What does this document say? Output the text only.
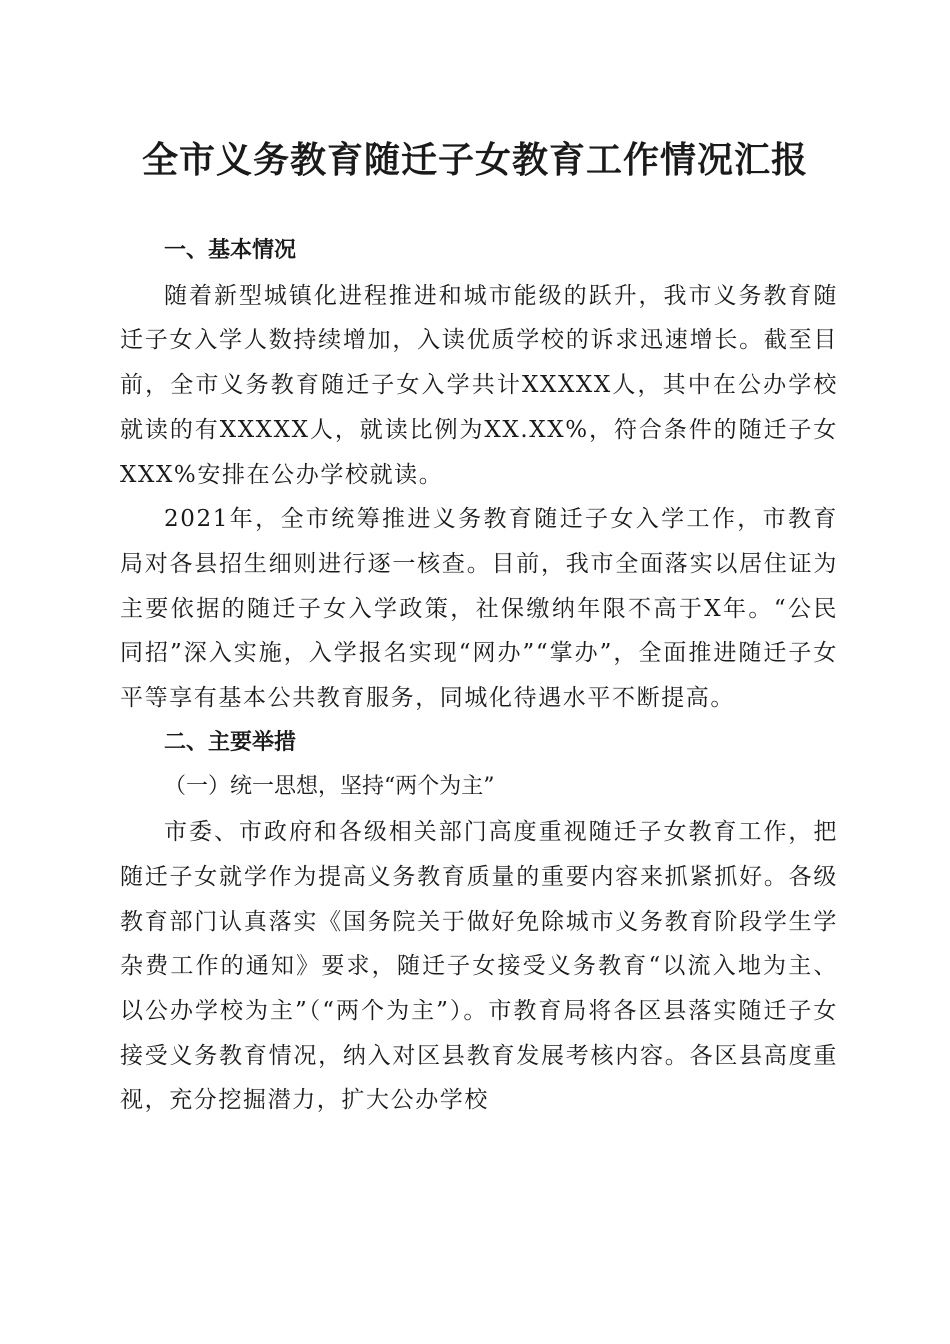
全市义务教育随迁子女教育工作情况汇报

一、基本情况

随着新型城镇化进程推进和城市能级的跃升，我市义务教育随迁子女入学人数持续增加，入读优质学校的诉求迅速增长。截至目前，全市义务教育随迁子女入学共计XXXXX人，其中在公办学校就读的有XXXXX人，就读比例为XX.XX%，符合条件的随迁子女XXX%安排在公办学校就读。

2021年，全市统筹推进义务教育随迁子女入学工作，市教育局对各县招生细则进行逐一核查。目前，我市全面落实以居住证为主要依据的随迁子女入学政策，社保缴纳年限不高于X年。“公民同招”深入实施，入学报名实现“网办”“掌办”，全面推进随迁子女平等享有基本公共教育服务，同城化待遇水平不断提高。

二、主要举措

（一）统一思想，坚持“两个为主”

市委、市政府和各级相关部门高度重视随迁子女教育工作，把随迁子女就学作为提高义务教育质量的重要内容来抓紧抓好。各级教育部门认真落实《国务院关于做好免除城市义务教育阶段学生学杂费工作的通知》要求，随迁子女接受义务教育“以流入地为主、以公办学校为主”（“两个为主”）。市教育局将各区县落实随迁子女接受义务教育情况，纳入对区县教育发展考核内容。各区县高度重视，充分挖掘潜力，扩大公办学校
